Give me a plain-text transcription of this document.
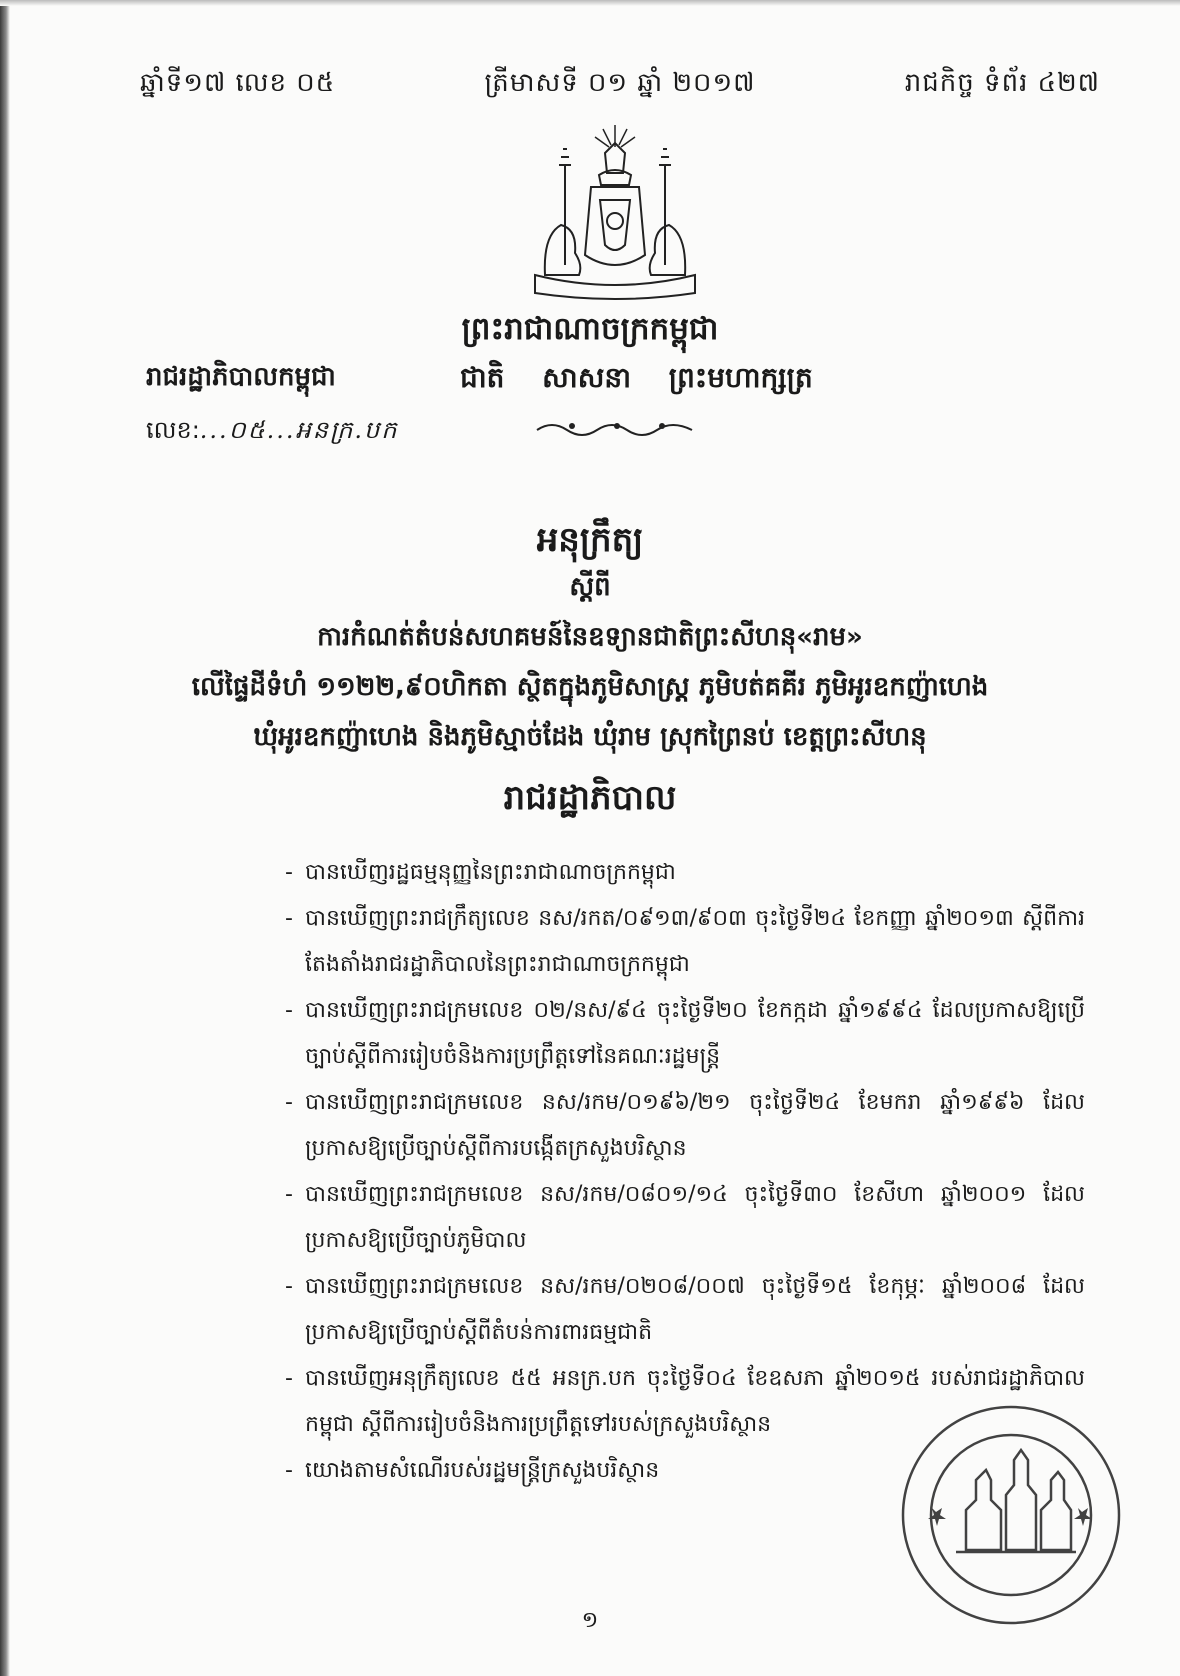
ឆ្នាំទី១៧ លេខ ០៥	ត្រីមាសទី ០១ ឆ្នាំ ២០១៧	រាជកិច្ច ទំព័រ ៤២៧
ព្រះរាជាណាចក្រកម្ពុជា
រាជរដ្ឋាភិបាលកម្ពុជា	ជាតិ សាសនា ព្រះមហាក្សត្រ
លេខ:...០៥...អនក្រ.បក
អនុក្រឹត្យ
ស្តីពី
ការកំណត់តំបន់សហគមន៍នៃឧទ្យានជាតិព្រះសីហនុ«រាម»
លើផ្ទៃដីទំហំ ១១២២,៩០ហិកតា ស្ថិតក្នុងភូមិសាស្រ្ត ភូមិបត់គគីរ ភូមិអូរឧកញ៉ាហេង
ឃុំអូរឧកញ៉ាហេង និងភូមិស្មាច់ដែង ឃុំរាម ស្រុកព្រៃនប់ ខេត្តព្រះសីហនុ
រាជរដ្ឋាភិបាល
- បានឃើញរដ្ឋធម្មនុញ្ញនៃព្រះរាជាណាចក្រកម្ពុជា
- បានឃើញព្រះរាជក្រឹត្យលេខ នស/រកត/០៩១៣/៩០៣ ចុះថ្ងៃទី២៤ ខែកញ្ញា ឆ្នាំ២០១៣ ស្តីពីការតែងតាំងរាជរដ្ឋាភិបាលនៃព្រះរាជាណាចក្រកម្ពុជា
- បានឃើញព្រះរាជក្រមលេខ ០២/នស/៩៤ ចុះថ្ងៃទី២០ ខែកក្កដា ឆ្នាំ១៩៩៤ ដែលប្រកាសឱ្យប្រើច្បាប់ស្តីពីការរៀបចំនិងការប្រព្រឹត្តទៅនៃគណៈរដ្ឋមន្ត្រី
- បានឃើញព្រះរាជក្រមលេខ នស/រកម/០១៩៦/២១ ចុះថ្ងៃទី២៤ ខែមករា ឆ្នាំ១៩៩៦ ដែលប្រកាសឱ្យប្រើច្បាប់ស្តីពីការបង្កើតក្រសួងបរិស្ថាន
- បានឃើញព្រះរាជក្រមលេខ នស/រកម/០៨០១/១៤ ចុះថ្ងៃទី៣០ ខែសីហា ឆ្នាំ២០០១ ដែលប្រកាសឱ្យប្រើច្បាប់ភូមិបាល
- បានឃើញព្រះរាជក្រមលេខ នស/រកម/០២០៨/០០៧ ចុះថ្ងៃទី១៥ ខែកុម្ភៈ ឆ្នាំ២០០៨ ដែលប្រកាសឱ្យប្រើច្បាប់ស្តីពីតំបន់ការពារធម្មជាតិ
- បានឃើញអនុក្រឹត្យលេខ ៥៥ អនក្រ.បក ចុះថ្ងៃទី០៤ ខែឧសភា ឆ្នាំ២០១៥ របស់រាជរដ្ឋាភិបាលកម្ពុជា ស្តីពីការរៀបចំនិងការប្រព្រឹត្តទៅរបស់ក្រសួងបរិស្ថាន
- យោងតាមសំណើរបស់រដ្ឋមន្ត្រីក្រសួងបរិស្ថាន
១
